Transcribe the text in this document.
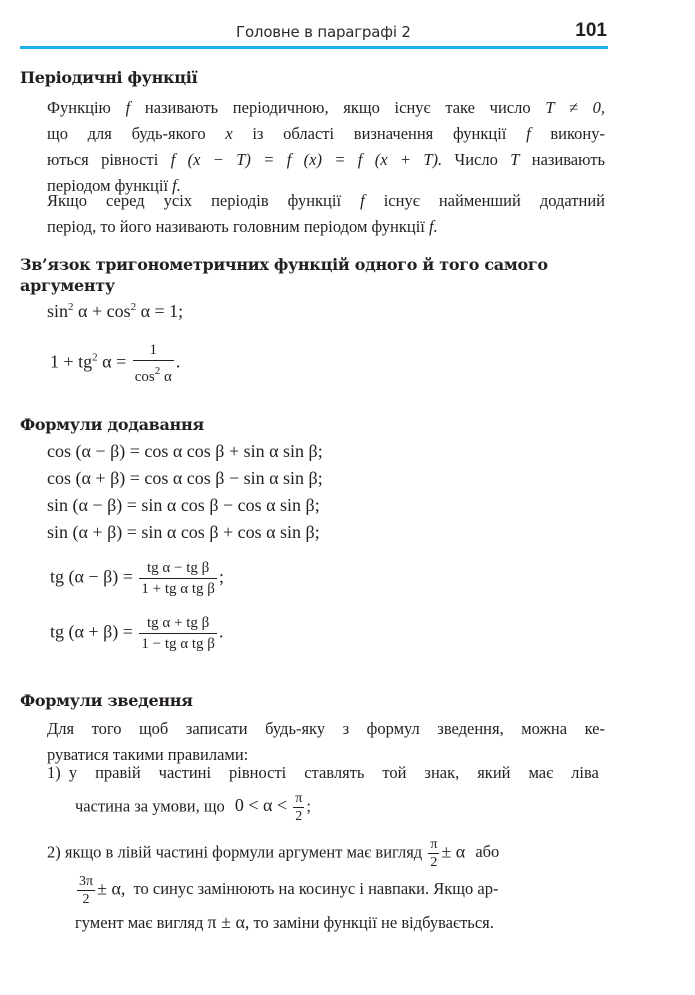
Головне в параграфі 2	101
Періодичні функції
Функцію f називають періодичною, якщо існує таке число T ≠ 0,
що для будь-якого x із області визначення функції f викону-
ються рівності f (x − T) = f (x) = f (x + T). Число T називають
періодом функції f.
Якщо серед усіх періодів функції f існує найменший додатний
період, то його називають головним періодом функції f.
Зв’язок тригонометричних функцій одного й того самого
аргументу
$\sin^2 \alpha + \cos^2 \alpha = 1$;
$1 + tg^2$ $\alpha = \frac{1}{\cos^2 \alpha}$ .
Формули додавання
cos (α − β) = cos α cos β + sin α sin β;
cos (α + β) = cos α cos β − sin α sin β;
sin (α − β) = sin α cos β − cos α sin β;
sin (α + β) = sin α cos β + cos α sin β;
tg $(\alpha - \beta) = \frac{\text{tg α − tg β}}{\text{1 + tg α tg β}}$ ;
tg $(\alpha + \beta) = \frac{\text{tg α + tg β}}{\text{1 − tg α tg β}}$ .
Формули зведення
Для того щоб записати будь-яку з формул зведення, можна ке-
руватися такими правилами:
1) у правій частині рівності ставлять той знак, який має ліва
частина за умови, що $0 < \alpha < \frac{\pi}{2}$ ;
2) якщо в лівій частині формули аргумент має вигляд $\frac{\pi}{2} \pm \alpha$ або
$\frac{3\pi}{2} \pm \alpha$, то синус замінюють на косинус і навпаки. Якщо ар-
гумент має вигляд π ± α, то заміни функції не відбувається.
